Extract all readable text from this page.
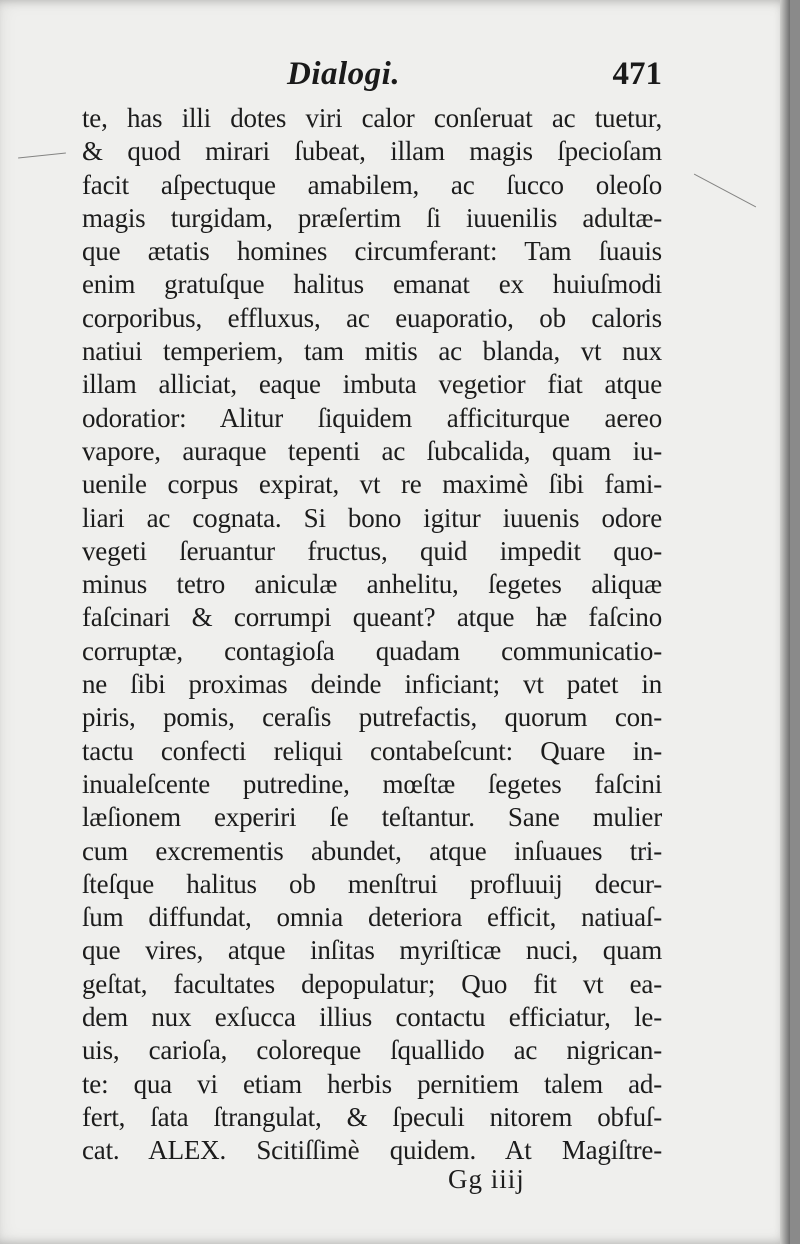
Dialogi.	471
te, has illi dotes viri calor conſeruat ac tuetur,
& quod mirari ſubeat, illam magis ſpecioſam
facit aſpectuque amabilem, ac ſucco oleoſo
magis turgidam, præſertim ſi iuuenilis adultæ-
que ætatis homines circumferant: Tam ſuauis
enim gratuſque halitus emanat ex huiuſmodi
corporibus, effluxus, ac euaporatio, ob caloris
natiui temperiem, tam mitis ac blanda, vt nux
illam alliciat, eaque imbuta vegetior fiat atque
odoratior: Alitur ſiquidem afficiturque aereo
vapore, auraque tepenti ac ſubcalida, quam iu-
uenile corpus expirat, vt re maximè ſibi fami-
liari ac cognata. Si bono igitur iuuenis odore
vegeti ſeruantur fructus, quid impedit quo-
minus tetro aniculæ anhelitu, ſegetes aliquæ
faſcinari & corrumpi queant? atque hæ faſcino
corruptæ, contagioſa quadam communicatio-
ne ſibi proximas deinde inficiant; vt patet in
piris, pomis, ceraſis putrefactis, quorum con-
tactu confecti reliqui contabeſcunt: Quare in-
inualeſcente putredine, mœſtæ ſegetes faſcini
læſionem experiri ſe teſtantur. Sane mulier
cum excrementis abundet, atque inſuaues tri-
ſteſque halitus ob menſtrui profluuij decur-
ſum diffundat, omnia deteriora efficit, natiuaſ-
que vires, atque inſitas myriſticæ nuci, quam
geſtat, facultates depopulatur; Quo fit vt ea-
dem nux exſucca illius contactu efficiatur, le-
uis, carioſa, coloreque ſquallido ac nigrican-
te: qua vi etiam herbis pernitiem talem ad-
fert, ſata ſtrangulat, & ſpeculi nitorem obfuſ-
cat. ALEX. Scitiſſimè quidem. At Magiſtre-
Gg iiij
